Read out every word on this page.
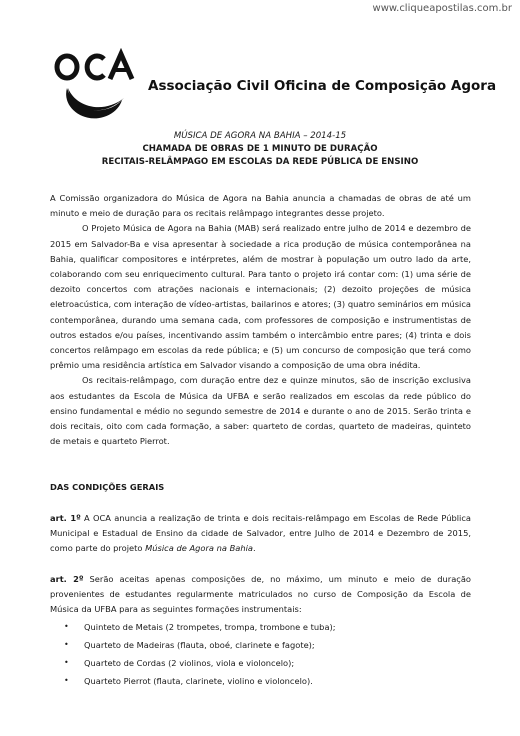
www.cliqueapostilas.com.br
Associação Civil Oficina de Composição Agora
MÚSICA DE AGORA NA BAHIA – 2014-15
CHAMADA DE OBRAS DE 1 MINUTO DE DURAÇÃO
RECITAIS-RELÂMPAGO EM ESCOLAS DA REDE PÚBLICA DE ENSINO

A Comissão organizadora do Música de Agora na Bahia anuncia a chamadas de obras de até um minuto e meio de duração para os recitais relâmpago integrantes desse projeto.

O Projeto Música de Agora na Bahia (MAB) será realizado entre julho de 2014 e dezembro de 2015 em Salvador-Ba e visa apresentar à sociedade a rica produção de música contemporânea na Bahia, qualificar compositores e intérpretes, além de mostrar à população um outro lado da arte, colaborando com seu enriquecimento cultural. Para tanto o projeto irá contar com: (1) uma série de dezoito concertos com atrações nacionais e internacionais; (2) dezoito projeções de música eletroacústica, com interação de vídeo-artistas, bailarinos e atores; (3) quatro seminários em música contemporânea, durando uma semana cada, com professores de composição e instrumentistas de outros estados e/ou países, incentivando assim também o intercâmbio entre pares; (4) trinta e dois concertos relâmpago em escolas da rede pública; e (5) um concurso de composição que terá como prêmio uma residência artística em Salvador visando a composição de uma obra inédita.

Os recitais-relâmpago, com duração entre dez e quinze minutos, são de inscrição exclusiva aos estudantes da Escola de Música da UFBA e serão realizados em escolas da rede público do ensino fundamental e médio no segundo semestre de 2014 e durante o ano de 2015. Serão trinta e dois recitais, oito com cada formação, a saber: quarteto de cordas, quarteto de madeiras, quinteto de metais e quarteto Pierrot.

DAS CONDIÇÕES GERAIS

art. 1º A OCA anuncia a realização de trinta e dois recitais-relâmpago em Escolas de Rede Pública Municipal e Estadual de Ensino da cidade de Salvador, entre Julho de 2014 e Dezembro de 2015, como parte do projeto Música de Agora na Bahia.

art. 2º Serão aceitas apenas composições de, no máximo, um minuto e meio de duração provenientes de estudantes regularmente matriculados no curso de Composição da Escola de Música da UFBA para as seguintes formações instrumentais:

• Quinteto de Metais (2 trompetes, trompa, trombone e tuba);
• Quarteto de Madeiras (flauta, oboé, clarinete e fagote);
• Quarteto de Cordas (2 violinos, viola e violoncelo);
• Quarteto Pierrot (flauta, clarinete, violino e violoncelo).
